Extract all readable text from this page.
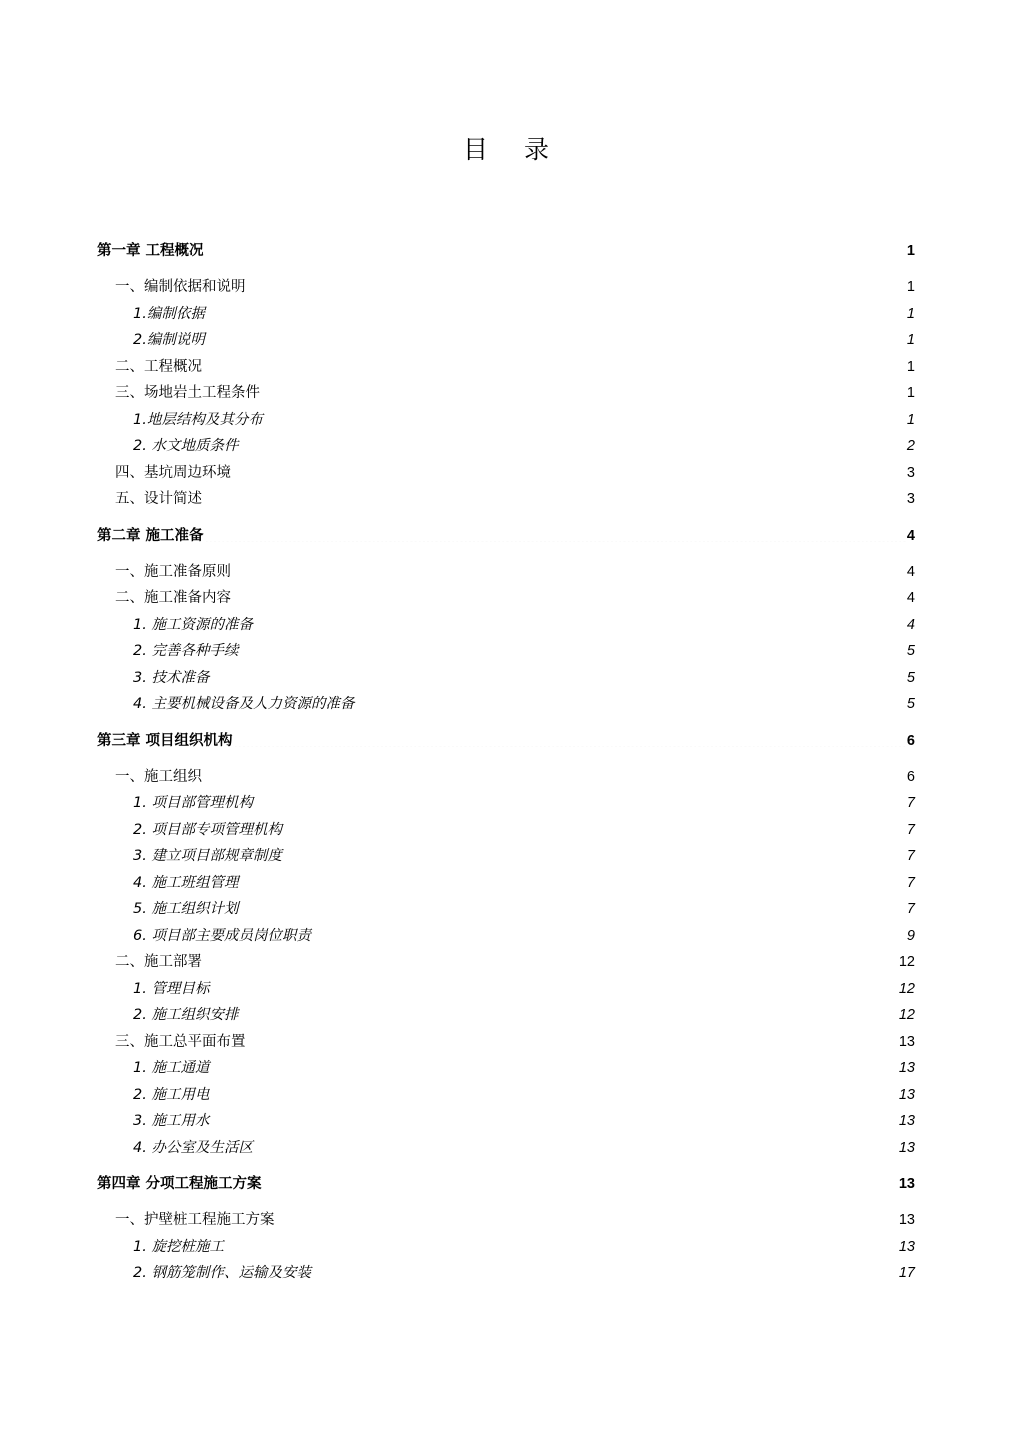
目 录
第一章 工程概况 .....	1
一、编制依据和说明 .....	1
1.编制依据 .....	1
2.编制说明 .....	1
二、工程概况 .....	1
三、场地岩土工程条件 .....	1
1.地层结构及其分布 .....	1
2. 水文地质条件 .....	2
四、基坑周边环境 .....	3
五、设计简述 .....	3
第二章 施工准备 .....	4
一、施工准备原则 .....	4
二、施工准备内容 .....	4
1. 施工资源的准备 .....	4
2. 完善各种手续 .....	5
3. 技术准备 .....	5
4. 主要机械设备及人力资源的准备 .....	5
第三章 项目组织机构 .....	6
一、施工组织 .....	6
1. 项目部管理机构 .....	7
2. 项目部专项管理机构 .....	7
3. 建立项目部规章制度 .....	7
4. 施工班组管理 .....	7
5. 施工组织计划 .....	7
6. 项目部主要成员岗位职责 .....	9
二、施工部署 .....	12
1. 管理目标 .....	12
2. 施工组织安排 .....	12
三、施工总平面布置 .....	13
1. 施工通道 .....	13
2. 施工用电 .....	13
3. 施工用水 .....	13
4. 办公室及生活区 .....	13
第四章 分项工程施工方案 .....	13
一、护壁桩工程施工方案 .....	13
1. 旋挖桩施工 .....	13
2. 钢筋笼制作、运输及安装 .....	17
